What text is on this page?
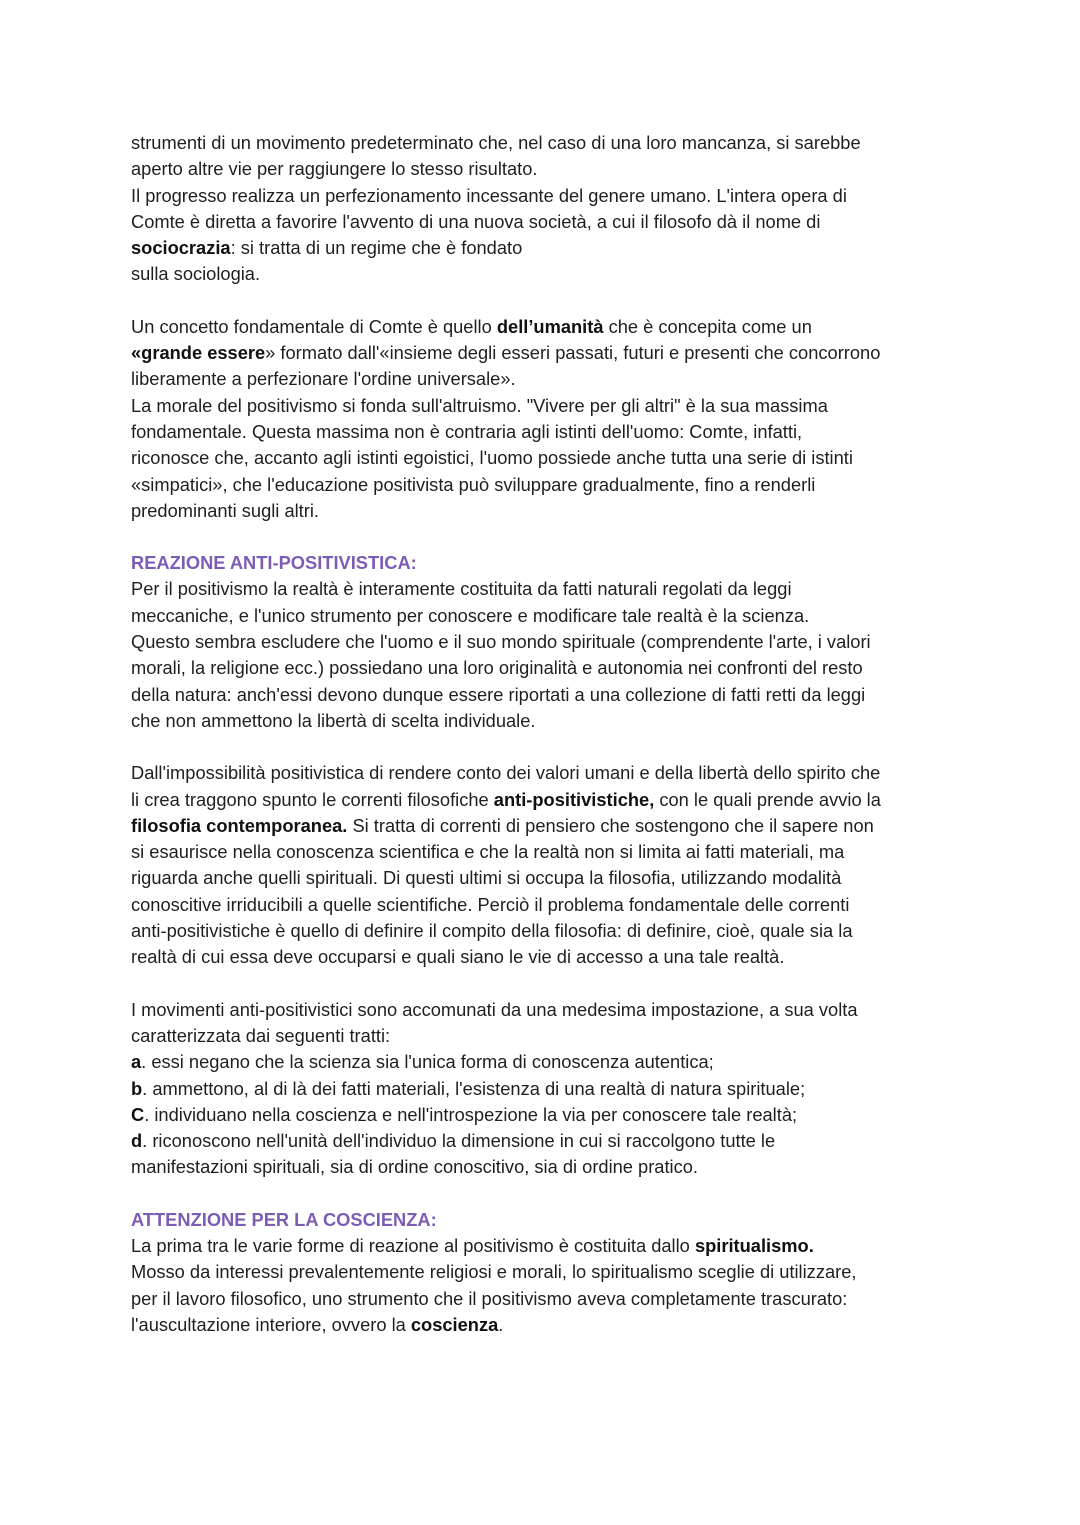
strumenti di un movimento predeterminato che, nel caso di una loro mancanza, si sarebbe
aperto altre vie per raggiungere lo stesso risultato.
Il progresso realizza un perfezionamento incessante del genere umano. L'intera opera di
Comte è diretta a favorire l'avvento di una nuova società, a cui il filosofo dà il nome di
sociocrazia: si tratta di un regime che è fondato
sulla sociologia.

Un concetto fondamentale di Comte è quello dell’umanità che è concepita come un
«grande essere» formato dall'«insieme degli esseri passati, futuri e presenti che concorrono
liberamente a perfezionare l'ordine universale».
La morale del positivismo si fonda sull'altruismo. "Vivere per gli altri" è la sua massima
fondamentale. Questa massima non è contraria agli istinti dell'uomo: Comte, infatti,
riconosce che, accanto agli istinti egoistici, l'uomo possiede anche tutta una serie di istinti
«simpatici», che l'educazione positivista può sviluppare gradualmente, fino a renderli
predominanti sugli altri.

REAZIONE ANTI-POSITIVISTICA:

Per il positivismo la realtà è interamente costituita da fatti naturali regolati da leggi
meccaniche, e l'unico strumento per conoscere e modificare tale realtà è la scienza.
Questo sembra escludere che l'uomo e il suo mondo spirituale (comprendente l'arte, i valori
morali, la religione ecc.) possiedano una loro originalità e autonomia nei confronti del resto
della natura: anch'essi devono dunque essere riportati a una collezione di fatti retti da leggi
che non ammettono la libertà di scelta individuale.

Dall'impossibilità positivistica di rendere conto dei valori umani e della libertà dello spirito che
li crea traggono spunto le correnti filosofiche anti-positivistiche, con le quali prende avvio la
filosofia contemporanea. Si tratta di correnti di pensiero che sostengono che il sapere non
si esaurisce nella conoscenza scientifica e che la realtà non si limita ai fatti materiali, ma
riguarda anche quelli spirituali. Di questi ultimi si occupa la filosofia, utilizzando modalità
conoscitive irriducibili a quelle scientifiche. Perciò il problema fondamentale delle correnti
anti-positivistiche è quello di definire il compito della filosofia: di definire, cioè, quale sia la
realtà di cui essa deve occuparsi e quali siano le vie di accesso a una tale realtà.

I movimenti anti-positivistici sono accomunati da una medesima impostazione, a sua volta
caratterizzata dai seguenti tratti:
a. essi negano che la scienza sia l'unica forma di conoscenza autentica;
b. ammettono, al di là dei fatti materiali, l'esistenza di una realtà di natura spirituale;
C. individuano nella coscienza e nell'introspezione la via per conoscere tale realtà;
d. riconoscono nell'unità dell'individuo la dimensione in cui si raccolgono tutte le
manifestazioni spirituali, sia di ordine conoscitivo, sia di ordine pratico.

ATTENZIONE PER LA COSCIENZA:

La prima tra le varie forme di reazione al positivismo è costituita dallo spiritualismo.
Mosso da interessi prevalentemente religiosi e morali, lo spiritualismo sceglie di utilizzare,
per il lavoro filosofico, uno strumento che il positivismo aveva completamente trascurato:
l'auscultazione interiore, ovvero la coscienza.
